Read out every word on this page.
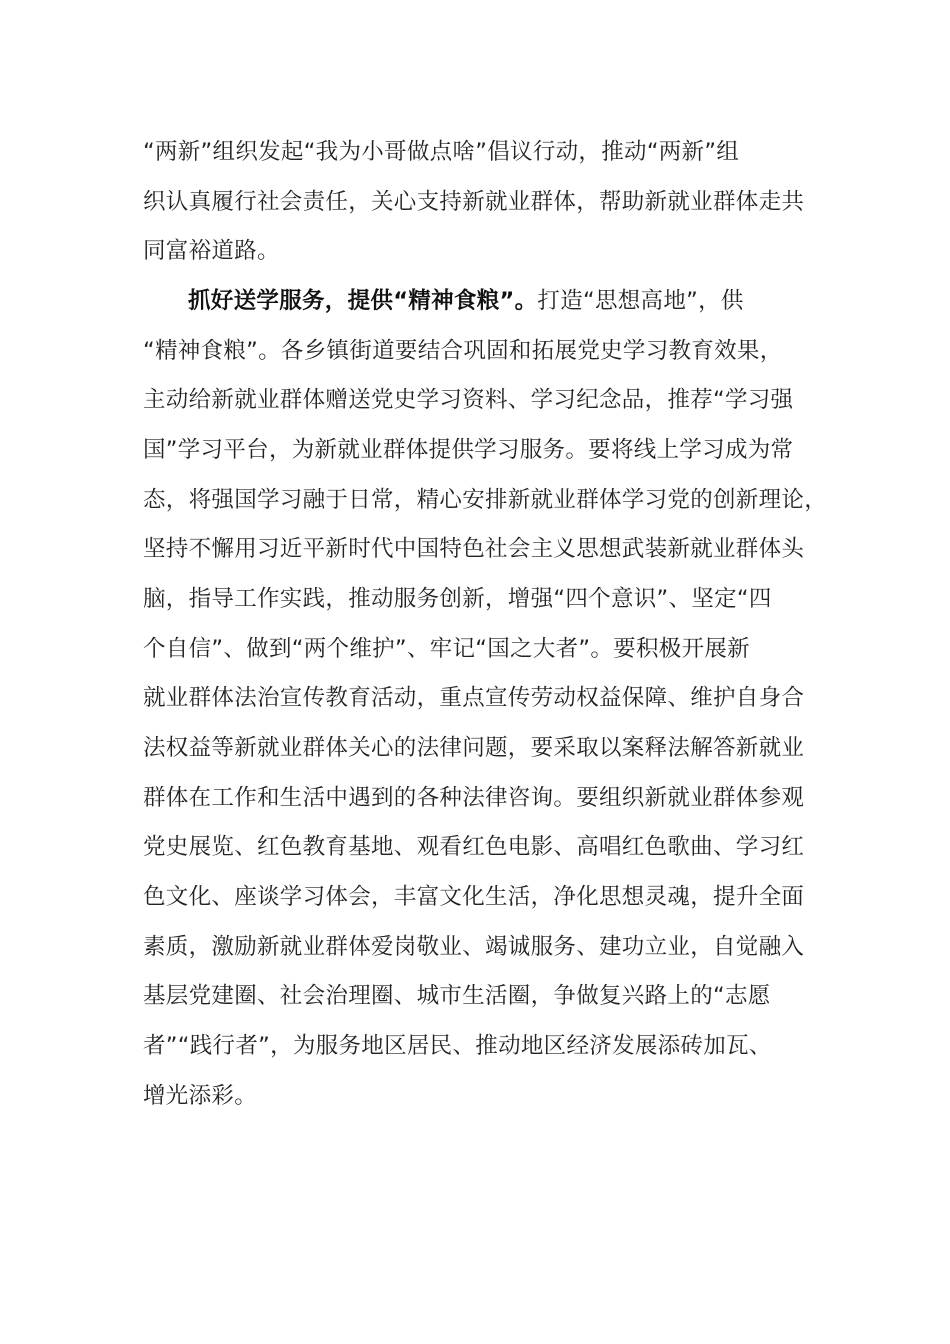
“两新”组织发起“我为小哥做点啥”倡议行动，推动“两新”组

织认真履行社会责任，关心支持新就业群体，帮助新就业群体走共

同富裕道路。

抓好送学服务，提供“精神食粮”。打造“思想高地”，供

“精神食粮”。各乡镇街道要结合巩固和拓展党史学习教育效果，

主动给新就业群体赠送党史学习资料、学习纪念品，推荐“学习强

国”学习平台，为新就业群体提供学习服务。要将线上学习成为常

态，将强国学习融于日常，精心安排新就业群体学习党的创新理论，

坚持不懈用习近平新时代中国特色社会主义思想武装新就业群体头

脑，指导工作实践，推动服务创新，增强“四个意识”、坚定“四

个自信”、做到“两个维护”、牢记“国之大者”。要积极开展新

就业群体法治宣传教育活动，重点宣传劳动权益保障、维护自身合

法权益等新就业群体关心的法律问题，要采取以案释法解答新就业

群体在工作和生活中遇到的各种法律咨询。要组织新就业群体参观

党史展览、红色教育基地、观看红色电影、高唱红色歌曲、学习红

色文化、座谈学习体会，丰富文化生活，净化思想灵魂，提升全面

素质，激励新就业群体爱岗敬业、竭诚服务、建功立业，自觉融入

基层党建圈、社会治理圈、城市生活圈，争做复兴路上的“志愿

者”“践行者”，为服务地区居民、推动地区经济发展添砖加瓦、

增光添彩。
